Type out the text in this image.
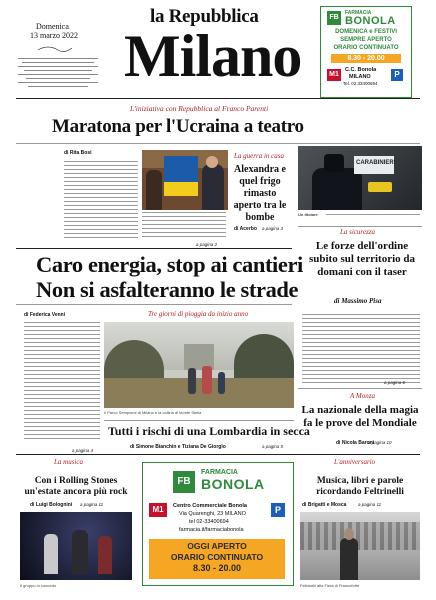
la Repubblica
Milano
Domenica
13 marzo 2022
FB
FARMACIA
BONOLA
DOMENICA e FESTIVI
SEMPRE APERTO
ORARIO CONTINUATO
8.30 - 20.00
M1
C.C. Bonola
MILANO
Tel. 02.33400694
P
L'iniziativa con Repubblica al Franco Parenti
Maratona per l'Ucraina a teatro
di Rita Bosi
a pagina 2
La guerra in casa
Alexandra e quel frigo rimasto aperto tra le bombe
di Acerbo a pagina 3
CARABINIERI
Un titolare
Caro energia, stop ai cantieri
Non si asfalteranno le strade
La sicurezza
Le forze dell'ordine subito sul territorio da domani con il taser
di Massimo Pisa
a pagina 6
di Federica Venni
a pagina 4
Tre giorni di pioggia da inizio anno
Il Parco Sempione di Milano e la collina di Monte Stella
Tutti i rischi di una Lombardia in secca
di Simone Bianchin e Tiziana De Giorgio	a pagina 5
A Monza
La nazionale della magia fa le prove del Mondiale
di Nicola Baroni
a pagina 10
La musica
Con i Rolling Stones un'estate ancora più rock
di Luigi Bolognini a pagina 11
Il gruppo in concerto
FB
FARMACIA
BONOLA
M1	Centro Commerciale Bonola
Via Quarenghi, 23 MILANO
tel 02-33400694
farmacia.it/farmaciabonola
OGGI APERTO
ORARIO CONTINUATO
8.30 - 20.00
P
L'anniversario
Musica, libri e parole ricordando Feltrinelli
di Brigatti e Mosca	a pagina 11
Feltrinelli alla Fiera di Francoforte
